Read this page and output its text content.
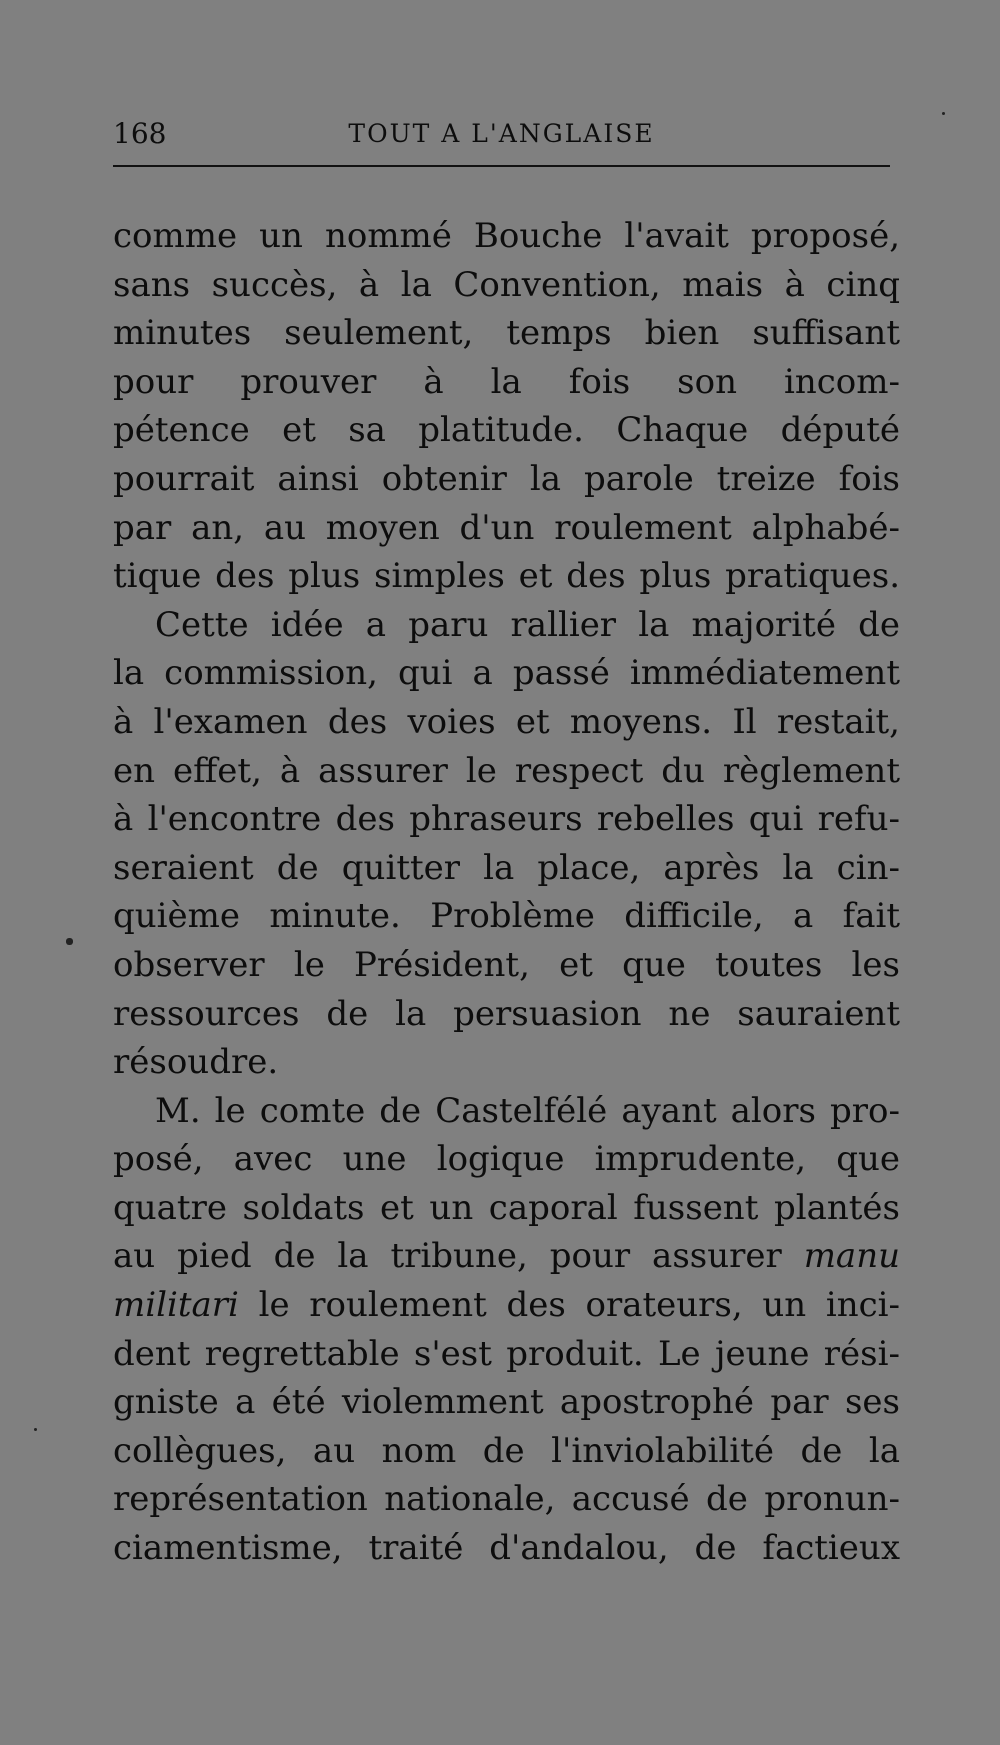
168	TOUT A L'ANGLAISE
comme un nommé Bouche l'avait proposé,
sans succès, à la Convention, mais à cinq
minutes seulement, temps bien suffisant
pour prouver à la fois son incom-
pétence et sa platitude. Chaque député
pourrait ainsi obtenir la parole treize fois
par an, au moyen d'un roulement alphabé-
tique des plus simples et des plus pratiques.
Cette idée a paru rallier la majorité de
la commission, qui a passé immédiatement
à l'examen des voies et moyens. Il restait,
en effet, à assurer le respect du règlement
à l'encontre des phraseurs rebelles qui refu-
seraient de quitter la place, après la cin-
quième minute. Problème difficile, a fait
observer le Président, et que toutes les
ressources de la persuasion ne sauraient
résoudre.
M. le comte de Castelfélé ayant alors pro-
posé, avec une logique imprudente, que
quatre soldats et un caporal fussent plantés
au pied de la tribune, pour assurer manu
militari le roulement des orateurs, un inci-
dent regrettable s'est produit. Le jeune rési-
gniste a été violemment apostrophé par ses
collègues, au nom de l'inviolabilité de la
représentation nationale, accusé de pronun-
ciamentisme, traité d'andalou, de factieux
